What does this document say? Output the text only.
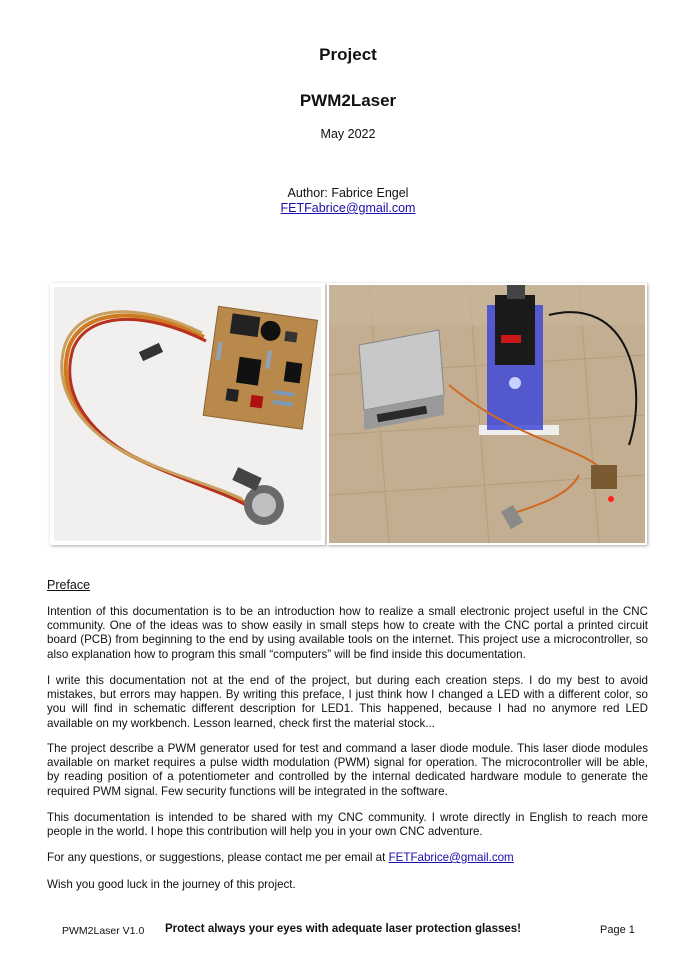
Project
PWM2Laser
May 2022
Author: Fabrice Engel
FETFabrice@gmail.com
Preface

Intention of this documentation is to be an introduction how to realize a small electronic project useful in the CNC community. One of the ideas was to show easily in small steps how to create with the CNC portal a printed circuit board (PCB) from beginning to the end by using available tools on the internet. This project use a microcontroller, so also explanation how to program this small “computers” will be find inside this documentation.

I write this documentation not at the end of the project, but during each creation steps. I do my best to avoid mistakes, but errors may happen. By writing this preface, I just think how I changed a LED with a different color, so you will find in schematic different description for LED1. This happened, because I had no anymore red LED available on my workbench. Lesson learned, check first the material stock...

The project describe a PWM generator used for test and command a laser diode module. This laser diode modules available on market requires a pulse width modulation (PWM) signal for operation. The microcontroller will be able, by reading position of a potentiometer and controlled by the internal dedicated hardware module to generate the required PWM signal. Few security functions will be integrated in the software.

This documentation is intended to be shared with my CNC community. I wrote directly in English to reach more people in the world. I hope this contribution will help you in your own CNC adventure.

For any questions, or suggestions, please contact me per email at FETFabrice@gmail.com

Wish you good luck in the journey of this project.

PWM2Laser V1.0 Protect always your eyes with adequate laser protection glasses!	Page 1
